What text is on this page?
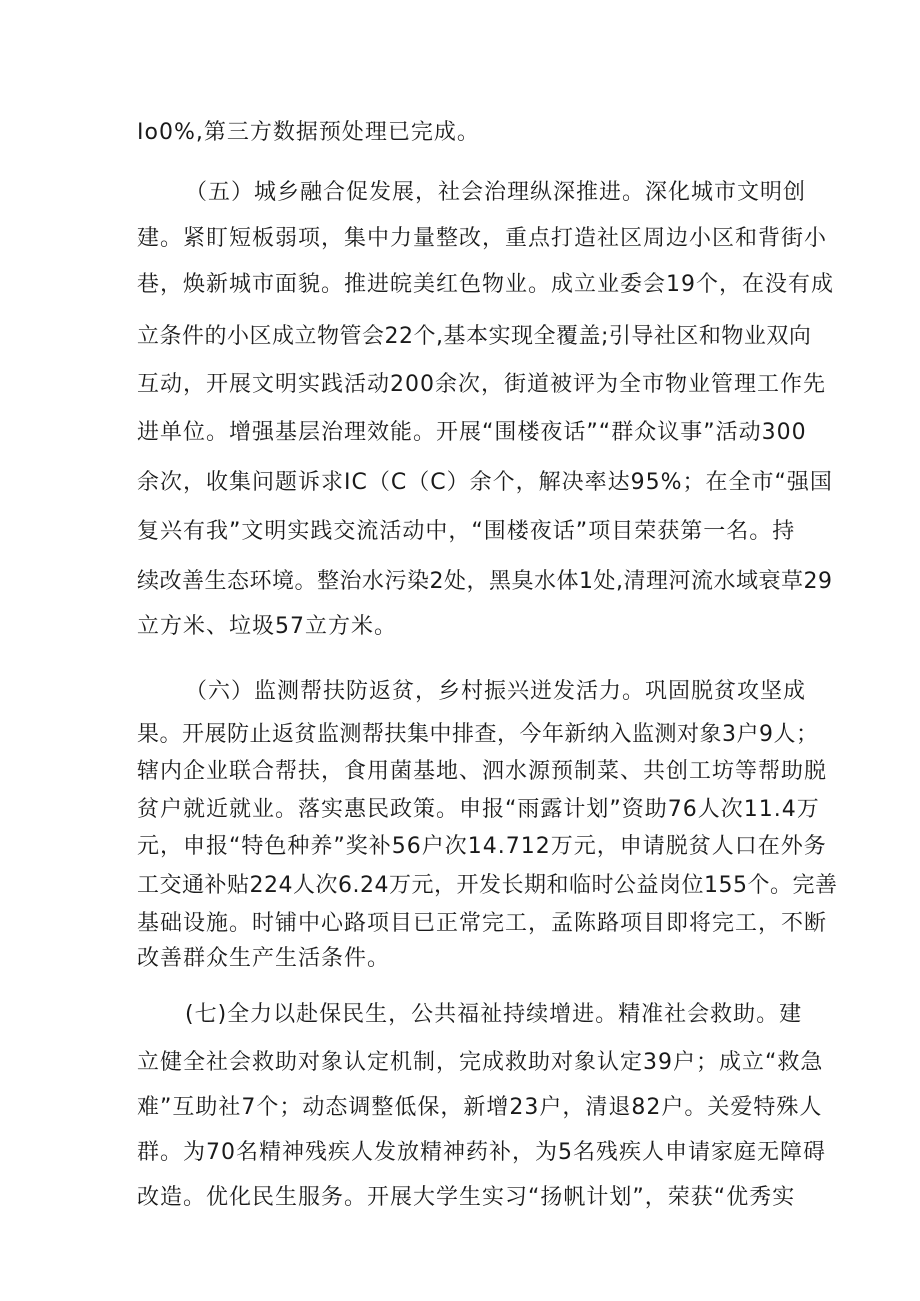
Io0%,第三方数据预处理已完成。
（五）城乡融合促发展，社会治理纵深推进。深化城市文明创
建。紧盯短板弱项，集中力量整改，重点打造社区周边小区和背街小
巷，焕新城市面貌。推进皖美红色物业。成立业委会19个，在没有成
立条件的小区成立物管会22个,基本实现全覆盖;引导社区和物业双向
互动，开展文明实践活动200余次，街道被评为全市物业管理工作先
进单位。增强基层治理效能。开展“围楼夜话”“群众议事”活动300
余次，收集问题诉求IC（C（C）余个，解决率达95%；在全市“强国
复兴有我”文明实践交流活动中，“围楼夜话”项目荣获第一名。持
续改善生态环境。整治水污染2处，黑臭水体1处,清理河流水域衰草29
立方米、垃圾57立方米。
（六）监测帮扶防返贫，乡村振兴迸发活力。巩固脱贫攻坚成
果。开展防止返贫监测帮扶集中排查，今年新纳入监测对象3户9人；
辖内企业联合帮扶，食用菌基地、泗水源预制菜、共创工坊等帮助脱
贫户就近就业。落实惠民政策。申报“雨露计划”资助76人次11.4万
元，申报“特色种养”奖补56户次14.712万元，申请脱贫人口在外务
工交通补贴224人次6.24万元，开发长期和临时公益岗位155个。完善
基础设施。时铺中心路项目已正常完工，孟陈路项目即将完工，不断
改善群众生产生活条件。
(七)全力以赴保民生，公共福祉持续增进。精准社会救助。建
立健全社会救助对象认定机制，完成救助对象认定39户；成立“救急
难”互助社7个；动态调整低保，新增23户，清退82户。关爱特殊人
群。为70名精神残疾人发放精神药补，为5名残疾人申请家庭无障碍
改造。优化民生服务。开展大学生实习“扬帆计划”，荣获“优秀实
